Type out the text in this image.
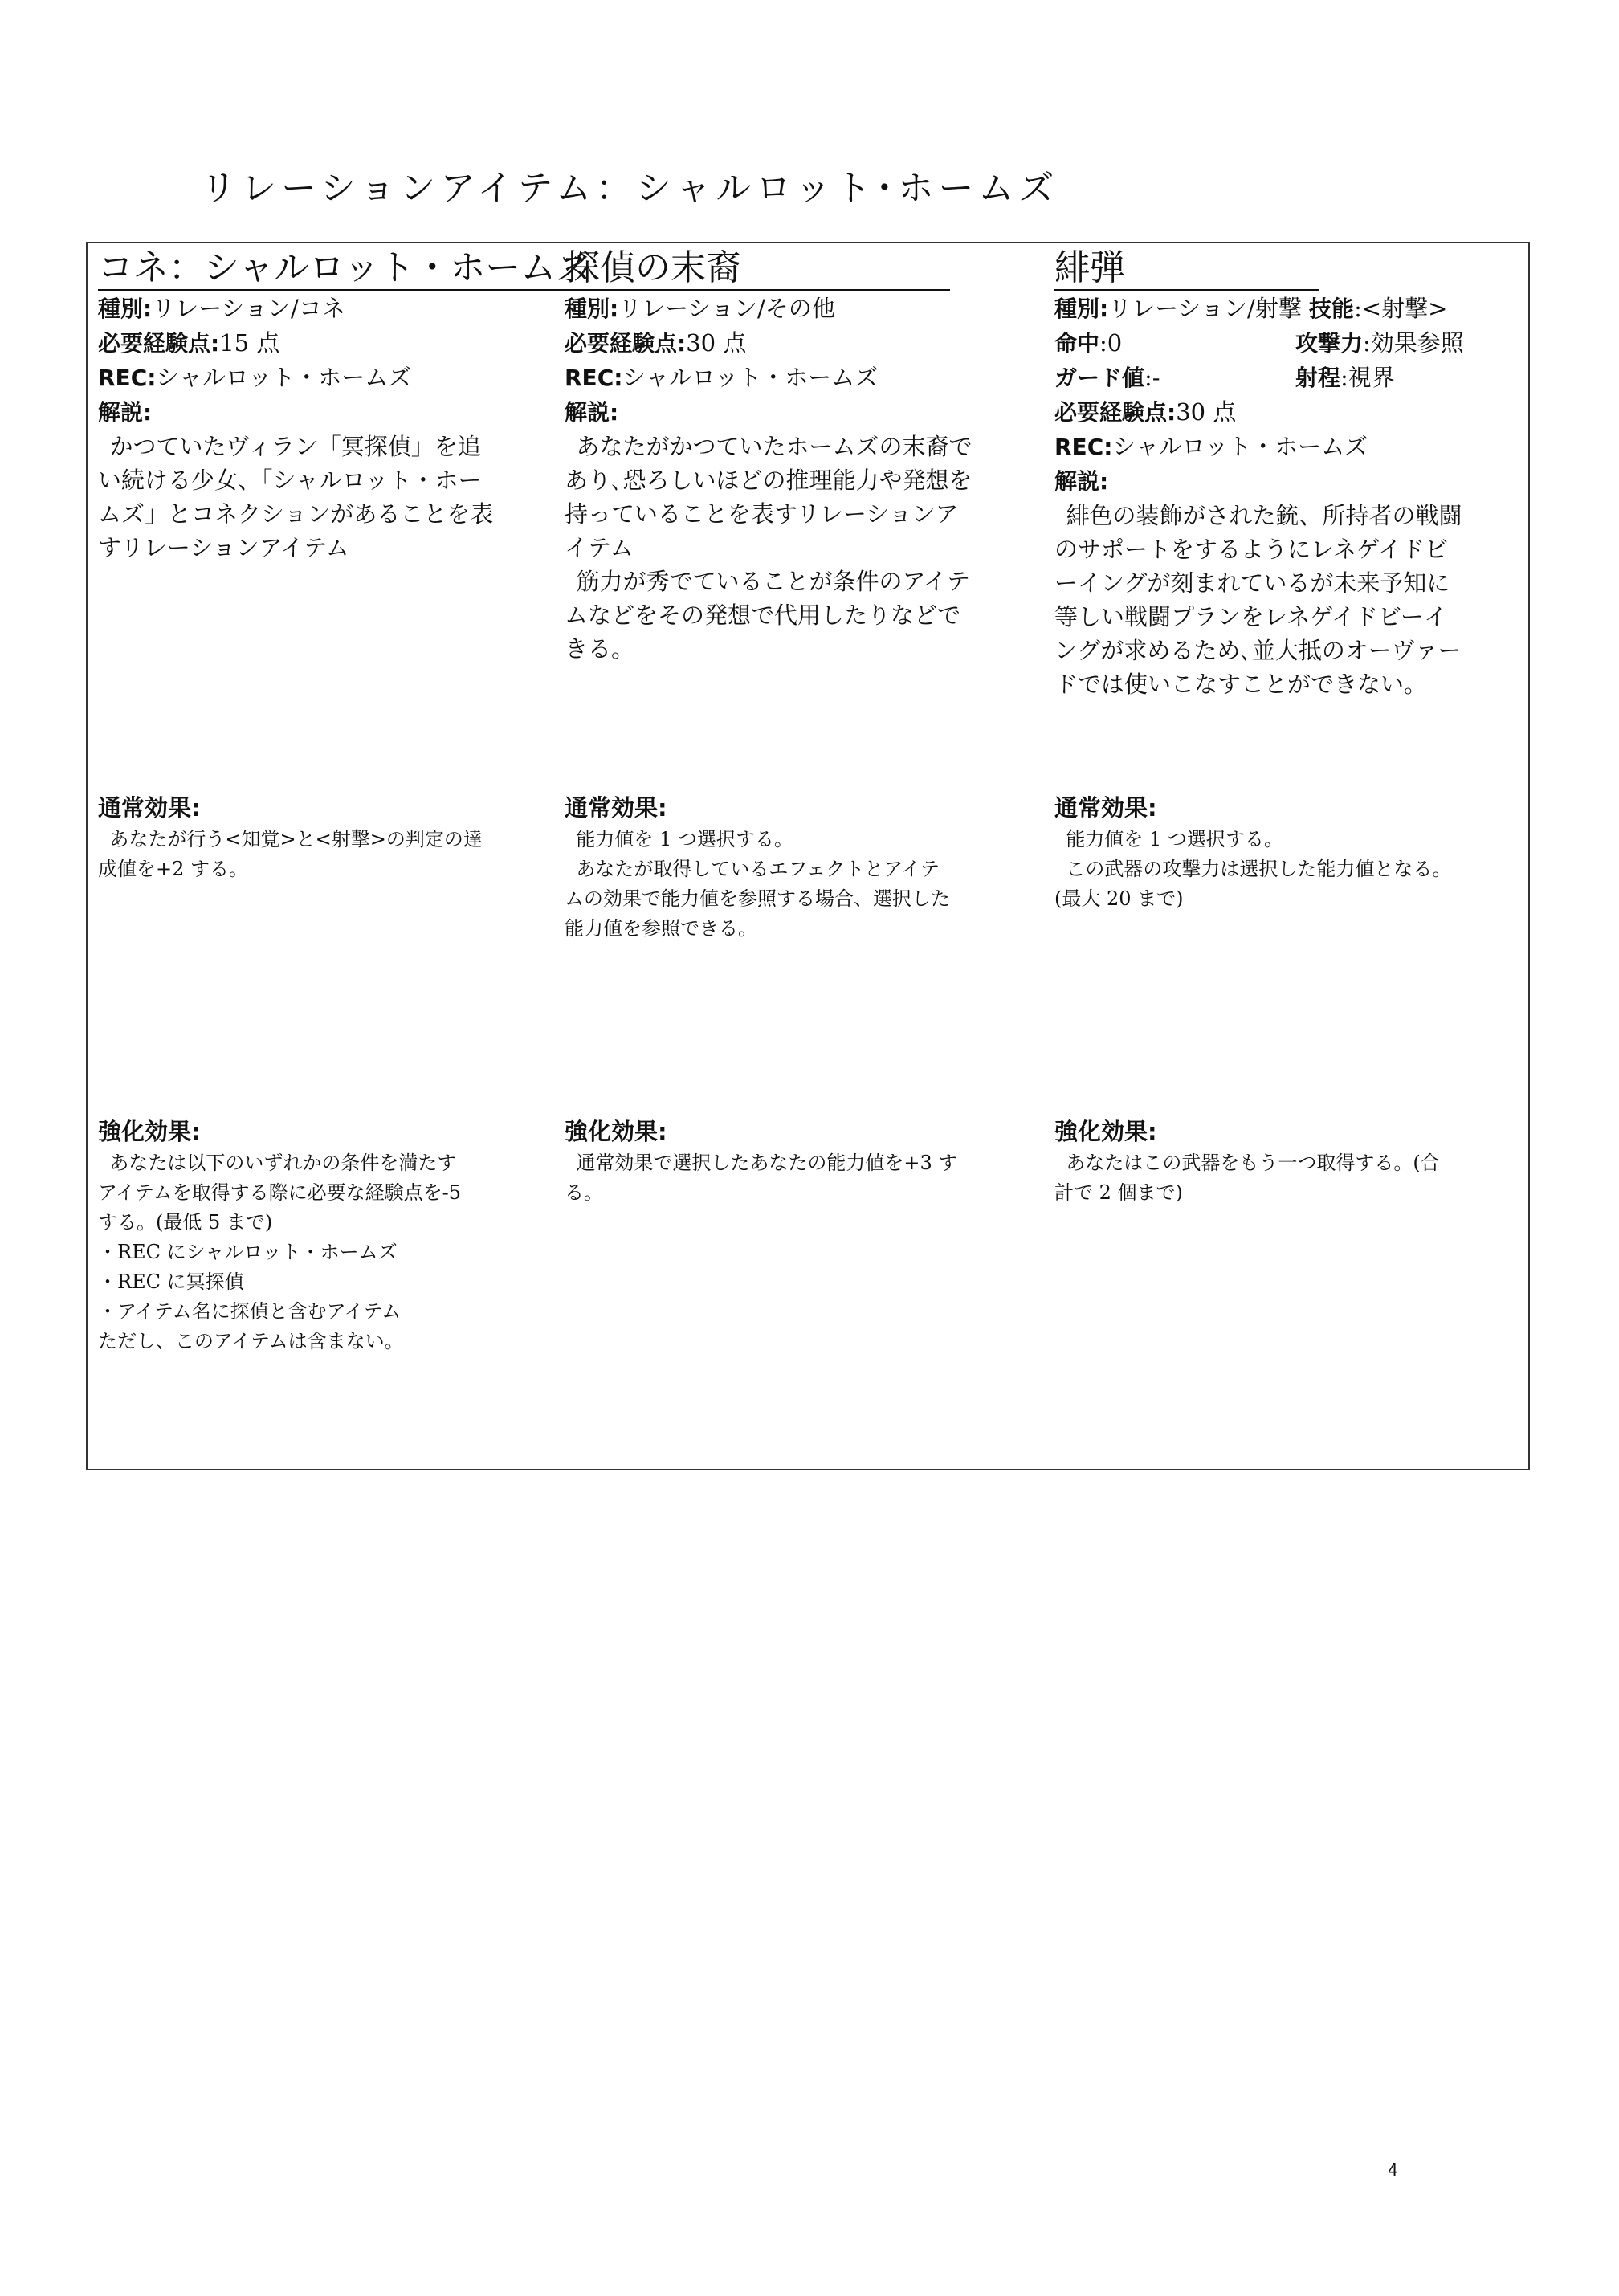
リレーションアイテム：シャルロット･ホームズ
コネ：シャルロット・ホームズ
種別:リレーション/コネ
必要経験点:15 点
REC:シャルロット・ホームズ
解説:
かつていたヴィラン「冥探偵」を追
い続ける少女、「シャルロット・ホー
ムズ」とコネクションがあることを表
すリレーションアイテム
探偵の末裔
種別:リレーション/その他
必要経験点:30 点
REC:シャルロット・ホームズ
解説:
あなたがかつていたホームズの末裔で
あり､恐ろしいほどの推理能力や発想を
持っていることを表すリレーションア
イテム
筋力が秀でていることが条件のアイテ
ムなどをその発想で代用したりなどで
きる。
緋弾
種別:リレーション/射撃 技能:<射撃>
命中:0	攻撃力:効果参照
ガード値:-	射程:視界
必要経験点:30 点
REC:シャルロット・ホームズ
解説:
緋色の装飾がされた銃、所持者の戦闘
のサポートをするようにレネゲイドビ
ーイングが刻まれているが未来予知に
等しい戦闘プランをレネゲイドビーイ
ングが求めるため､並大抵のオーヴァー
ドでは使いこなすことができない。
通常効果:

あなたが行う<知覚>と<射撃>の判定の達

成値を+2 する。

通常効果:

能力値を 1 つ選択する。

あなたが取得しているエフェクトとアイテ

ムの効果で能力値を参照する場合、選択した

能力値を参照できる。

通常効果:

能力値を 1 つ選択する。

この武器の攻撃力は選択した能力値となる。

(最大 20 まで)

強化効果:

あなたは以下のいずれかの条件を満たす

アイテムを取得する際に必要な経験点を-5

する。(最低 5 まで)

・REC にシャルロット・ホームズ

・REC に冥探偵

・アイテム名に探偵と含むアイテム

ただし、このアイテムは含まない。

強化効果:

通常効果で選択したあなたの能力値を+3 す

る。

強化効果:

あなたはこの武器をもう一つ取得する。(合

計で 2 個まで)

4
